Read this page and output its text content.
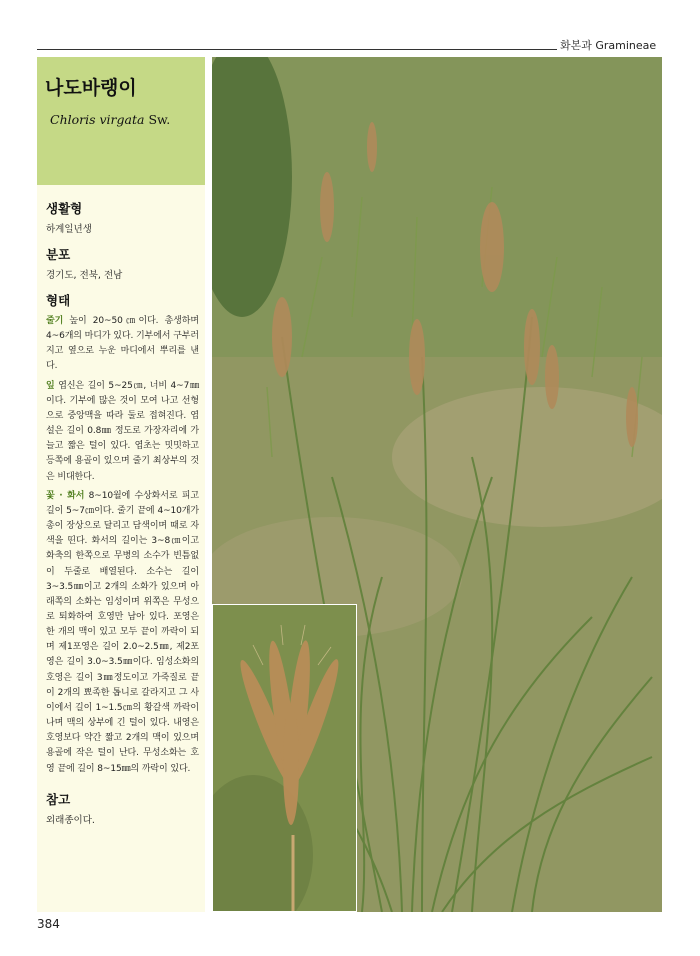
화본과 Gramineae
나도바랭이
Chloris virgata Sw.
생활형
하계일년생
분포
경기도, 전북, 전남
형태
줄기 높이 20~50㎝이다. 총생하며 4~6개의 마디가 있다. 기부에서 구부러지고 옆으로 누운 마디에서 뿌리를 낸다.
잎 엽신은 길이 5~25㎝, 너비 4~7㎜이다. 기부에 많은 것이 모여 나고 선형으로 중앙맥을 따라 둘로 접혀진다. 엽설은 길이 0.8㎜ 정도로 가장자리에 가늘고 짧은 털이 있다. 엽초는 밋밋하고 등쪽에 용골이 있으며 줄기 최상부의 것은 비대한다.
꽃 · 화서 8~10월에 수상화서로 피고 길이 5~7㎝이다. 줄기 끝에 4~10개가 총이 장상으로 달리고 담색이며 때로 자색을 띤다. 화서의 길이는 3~8㎝이고 화축의 한쪽으로 무병의 소수가 빈틈없이 두줄로 배열된다. 소수는 길이 3~3.5㎜이고 2개의 소화가 있으며 아래쪽의 소화는 임성이며 위쪽은 무성으로 퇴화하여 호영만 남아 있다. 포영은 한 개의 맥이 있고 모두 끝이 까락이 되며 제1포영은 길이 2.0~2.5㎜, 제2포영은 길이 3.0~3.5㎜이다. 임성소화의 호영은 길이 3㎜정도이고 가죽질로 끝이 2개의 뾰족한 톱니로 갈라지고 그 사이에서 길이 1~1.5㎝의 황갈색 까락이 나며 맥의 상부에 긴 털이 있다. 내영은 호영보다 약간 짧고 2개의 맥이 있으며 용골에 작은 털이 난다. 무성소화는 호영 끝에 길이 8~15㎜의 까락이 있다.
참고
외래종이다.
384
